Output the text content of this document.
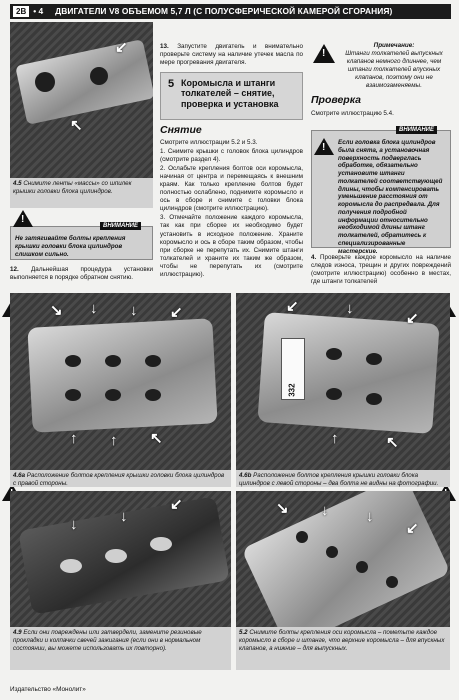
2B • 4 ДВИГАТЕЛИ V8 ОБЪЕМОМ 5,7 Л (С ПОЛУСФЕРИЧЕСКОЙ КАМЕРОЙ СГОРАНИЯ)
↖
↙
4.5 Снимите ленты «массы» со шпилек крышки головки блока цилиндров.
Не затягивайте болты крепления крышки головки блока цилиндров слишком сильно.
ВНИМАНИЕ
!

12. Дальнейшая процедура установки выполняется в порядке обратном снятию.

13. Запустите двигатель и внимательно проверьте систему на наличие утечек масла по мере прогревания двигателя.

5 Коромысла и штанги толкателей – снятие, проверка и установка
Снятие

Смотрите иллюстрации 5.2 и 5.3.

1. Снимите крышки с головок блока цилиндров (смотрите раздел 4).

2. Ослабьте крепления болтов оси коромысла, начиная от центра и перемещаясь к внешним краям. Как только крепление болтов будет полностью ослаблено, поднимите коромысло и ось в сборе и снимите с головки блока цилиндров (смотрите иллюстрацию).

3. Отмечайте положение каждого коромысла, так как при сборке их необходимо будет установить в исходное положение. Храните коромысло и ось в сборе таким образом, чтобы при сборке не перепутать их. Снимите штанги толкателей и храните их таким же образом, чтобы не перепутать их (смотрите иллюстрацию).

!
Примечание:
Штанги толкателей выпускных клапанов немного длиннее, чем штанги толкателей впускных клапанов, поэтому они не взаимозаменяемы.
Проверка
Смотрите иллюстрацию 5.4.
Если головка блока цилиндров была снята, а установочная поверхность подверглась обработке, обязательно установите штанги толкателей соответствующей длины, чтобы компенсировать уменьшение расстояния от коромысла до распредвала. Для получения подробной информации относительно необходимой длины штанг толкателей, обратитесь к специализированные мастерские.
ВНИМАНИЕ
!

4. Проверьте каждое коромысло на наличие следов износа, трещин и других повреждений (смотрите иллюстрацию) особенно в местах, где штанги толкателей

!
!
!
!
↘ ↓ ↓ ↙
↑ ↑ ↖
4.6a Расположение болтов крепления крышки головки блока цилиндров с правой стороны.
332
↙	↓
↙
↑	↖
4.6b Расположение болтов крепления крышки головки блока цилиндров с левой стороны – два болта не видны на фотографии.
↓	↓
↙
4.9 Если они повреждены или затвердели, замените резиновые прокладки и колпачки свечей зажигания (если они в нормальном состоянии, вы можете использовать их повторно).
↘ ↓	↓
↙
5.2 Снимите болты крепления оси коромысла – пометьте каждое коромысло в сборе и штанге, что верхние коромысла – для впускных клапанов, а нижние – для выпускных.
Издательство «Монолит»
